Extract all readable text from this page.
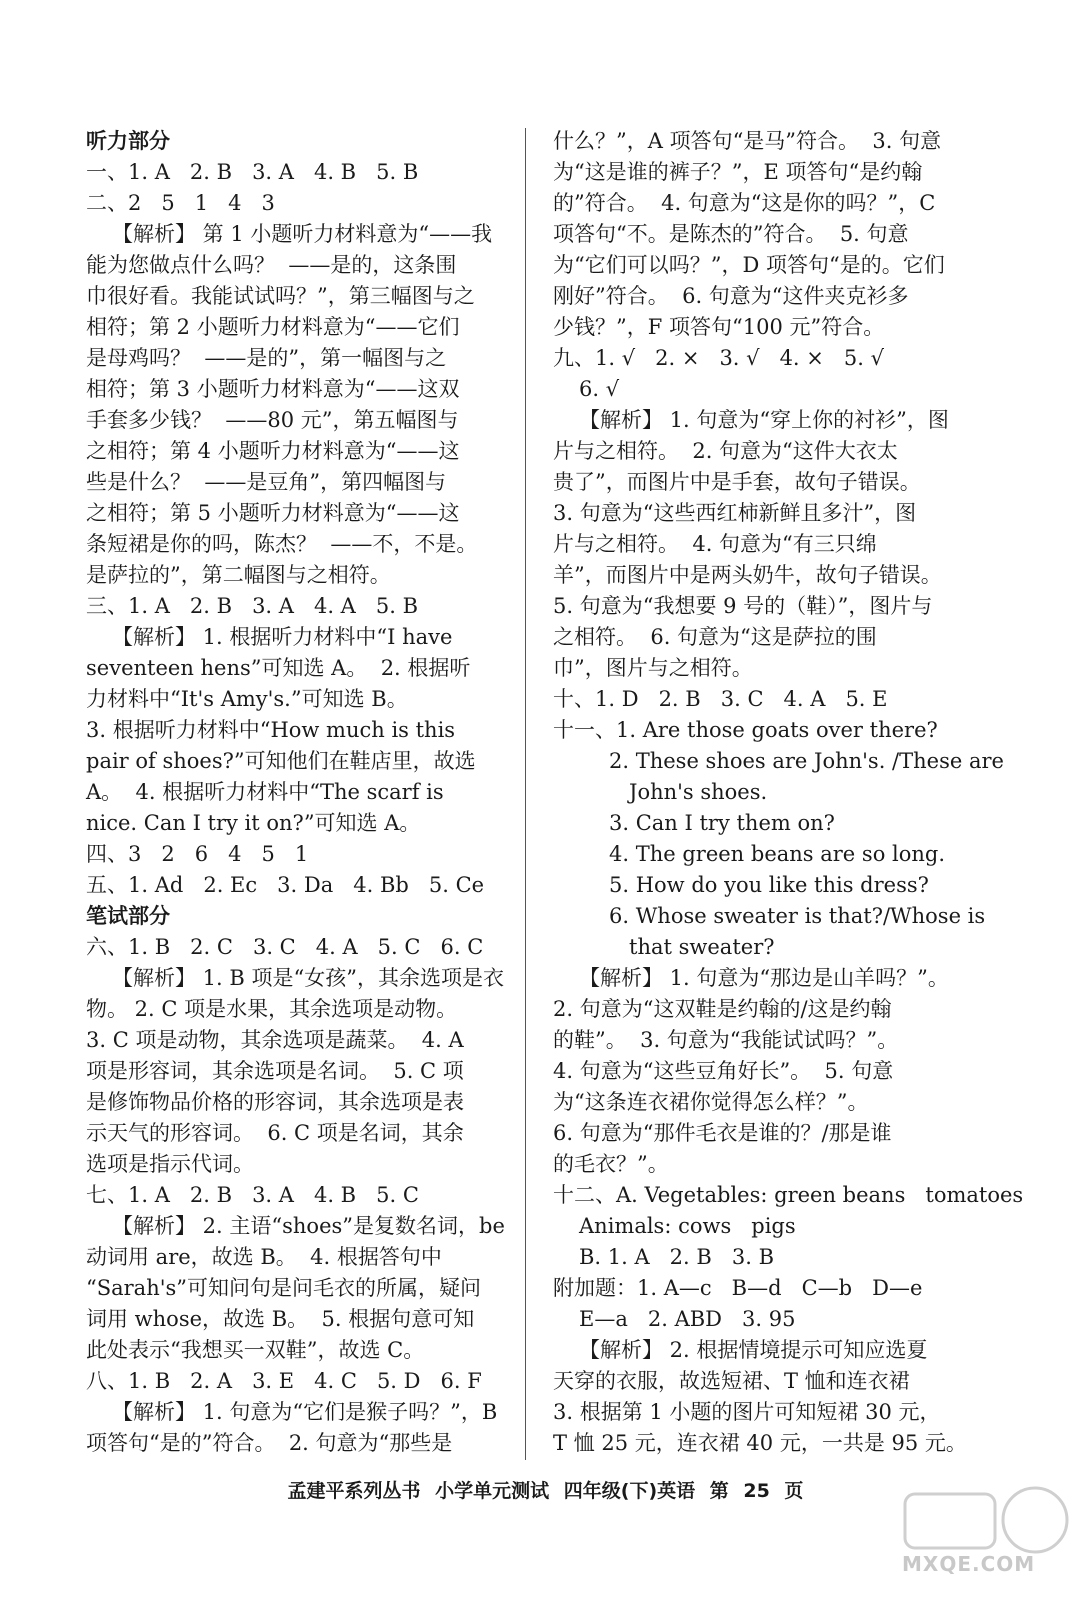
听力部分
一、1. A   2. B   3. A   4. B   5. B
二、2   5   1   4   3
【解析】 第 1 小题听力材料意为“——我
能为您做点什么吗？  ——是的，这条围
巾很好看。我能试试吗？”，第三幅图与之
相符；第 2 小题听力材料意为“——它们
是母鸡吗？  ——是的”，第一幅图与之
相符；第 3 小题听力材料意为“——这双
手套多少钱？  ——80 元”，第五幅图与
之相符；第 4 小题听力材料意为“——这
些是什么？  ——是豆角”，第四幅图与
之相符；第 5 小题听力材料意为“——这
条短裙是你的吗，陈杰？  ——不，不是。
是萨拉的”，第二幅图与之相符。
三、1. A   2. B   3. A   4. A   5. B
【解析】 1. 根据听力材料中“I have
seventeen hens”可知选 A。  2. 根据听
力材料中“It's Amy's.”可知选 B。
3. 根据听力材料中“How much is this
pair of shoes?”可知他们在鞋店里，故选
A。  4. 根据听力材料中“The scarf is
nice. Can I try it on?”可知选 A。
四、3   2   6   4   5   1
五、1. Ad   2. Ec   3. Da   4. Bb   5. Ce
笔试部分
六、1. B   2. C   3. C   4. A   5. C   6. C
【解析】 1. B 项是“女孩”，其余选项是衣
物。 2. C 项是水果，其余选项是动物。
3. C 项是动物，其余选项是蔬菜。  4. A
项是形容词，其余选项是名词。  5. C 项
是修饰物品价格的形容词，其余选项是表
示天气的形容词。  6. C 项是名词，其余
选项是指示代词。
七、1. A   2. B   3. A   4. B   5. C
【解析】 2. 主语“shoes”是复数名词，be
动词用 are，故选 B。  4. 根据答句中
“Sarah's”可知问句是问毛衣的所属，疑问
词用 whose，故选 B。  5. 根据句意可知
此处表示“我想买一双鞋”，故选 C。
八、1. B   2. A   3. E   4. C   5. D   6. F
【解析】 1. 句意为“它们是猴子吗？”，B
项答句“是的”符合。  2. 句意为“那些是
什么？”，A 项答句“是马”符合。  3. 句意
为“这是谁的裤子？”，E 项答句“是约翰
的”符合。  4. 句意为“这是你的吗？”，C
项答句“不。是陈杰的”符合。  5. 句意
为“它们可以吗？”，D 项答句“是的。它们
刚好”符合。  6. 句意为“这件夹克衫多
少钱？”，F 项答句“100 元”符合。
九、1. √   2. ×   3. √   4. ×   5. √
6. √
【解析】 1. 句意为“穿上你的衬衫”，图
片与之相符。  2. 句意为“这件大衣太
贵了”，而图片中是手套，故句子错误。
3. 句意为“这些西红柿新鲜且多汁”，图
片与之相符。  4. 句意为“有三只绵
羊”，而图片中是两头奶牛，故句子错误。
5. 句意为“我想要 9 号的（鞋）”，图片与
之相符。  6. 句意为“这是萨拉的围
巾”，图片与之相符。
十、1. D   2. B   3. C   4. A   5. E
十一、1. Are those goats over there?
2. These shoes are John's. /These are
John's shoes.
3. Can I try them on?
4. The green beans are so long.
5. How do you like this dress?
6. Whose sweater is that?/Whose is
that sweater?
【解析】 1. 句意为“那边是山羊吗？”。
2. 句意为“这双鞋是约翰的/这是约翰
的鞋”。  3. 句意为“我能试试吗？”。
4. 句意为“这些豆角好长”。  5. 句意
为“这条连衣裙你觉得怎么样？”。
6. 句意为“那件毛衣是谁的？/那是谁
的毛衣？”。
十二、A. Vegetables: green beans   tomatoes
Animals: cows   pigs
B. 1. A   2. B   3. B
附加题：1. A—c   B—d   C—b   D—e
E—a   2. ABD   3. 95
【解析】 2. 根据情境提示可知应选夏
天穿的衣服，故选短裙、T 恤和连衣裙
3. 根据第 1 小题的图片可知短裙 30 元，
T 恤 25 元，连衣裙 40 元，一共是 95 元。
孟建平系列丛书 小学单元测试 四年级(下)英语 第 25 页
MXQE.COM
